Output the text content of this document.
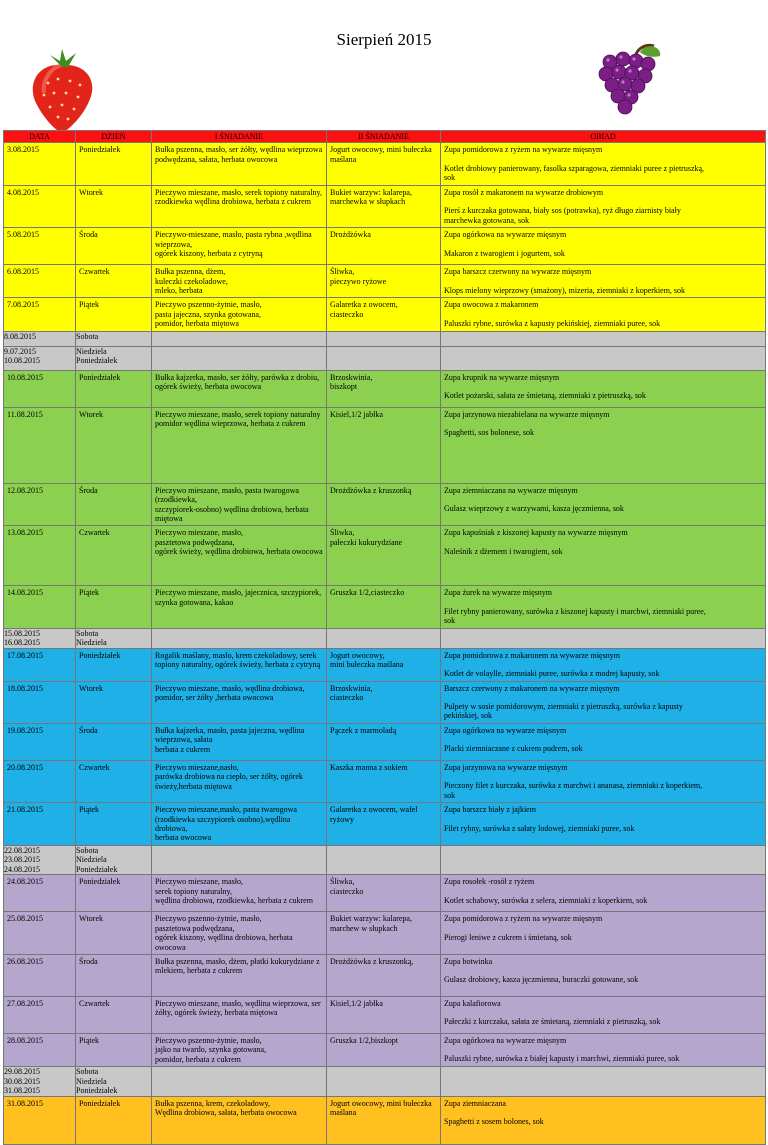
Sierpień 2015
DATA	DZIEŃ	I ŚNIADANIE	II ŚNIADANIE	OBIAD

3.08.2015	Poniedziałek	Bułka pszenna, masło, ser żółty, wędlina wieprzowa
podwędzana, sałata, herbata owocowa	Jogurt owocowy, mini bułeczka
maślana	Zupa pomidorowa z ryżem na wywarze mięsnym
Kotlet drobiowy panierowany, fasolka szparagowa, ziemniaki puree z pietruszką,
sok

4.08.2015	Wtorek	Pieczywo mieszane, masło, serek topiony naturalny,
rzodkiewka wędlina drobiowa, herbata z cukrem	Bukiet warzyw: kalarepa,
marchewka w słupkach	Zupa rosół z makaronem na wywarze drobiowym
Pierś z kurczaka gotowana, biały sos (potrawka), ryż długo ziarnisty biały
marchewka gotowana, sok

5.08.2015	Środa	Pieczywo-mieszane, masło, pasta rybna ,wędlina
wieprzowa,
ogórek kiszony, herbata z cytryną	Drożdżówka	Zupa ogórkowa na wywarze mięsnym
Makaron z twarogiem i jogurtem, sok

6.08.2015	Czwartek	Bułka pszenna, dżem,
kuleczki czekoladowe,
mleko, herbata	Śliwka,
pieczywo ryżowe	Zupa barszcz czerwony na wywarze mięsnym
Klops mielony wieprzowy (smażony), mizeria, ziemniaki z koperkiem, sok

7.08.2015	Piątek	Pieczywo pszenno-żytnie, masło,
pasta jajeczna, szynka gotowana,
pomidor, herbata miętowa	Galaretka z owocem,
ciasteczko	Zupa owocowa z makaronem
Paluszki rybne, surówka z kapusty pekińskiej, ziemniaki puree, sok

8.08.2015	Sobota			

9.07.2015
10.08.2015	Niedziela
Poniedziałek			

10.08.2015	Poniedziałek	Bułka kajzerka, masło, ser żółty, parówka z drobiu,
ogórek świeży, herbata owocowa	Brzoskwinia,
biszkopt	Zupa krupnik na wywarze mięsnym
Kotlet pożarski, sałata ze śmietaną, ziemniaki z pietruszką, sok

11.08.2015	Wtorek	Pieczywo mieszane, masło, serek topiony naturalny
pomidor wędlina wieprzowa, herbata z cukrem	Kisiel,1/2 jabłka	Zupa jarzynowa niezabielana na wywarze mięsnym
Spaghetti, sos bolonese, sok

12.08.2015	Środa	Pieczywo mieszane, masło, pasta twarogowa
(rzodkiewka,
szczypiorek-osobno) wędlina drobiowa, herbata
miętowa	Drożdżówka z kruszonką	Zupa ziemniaczana na wywarze mięsnym
Gulasz wieprzowy z warzywami, kasza jęczmienna, sok

13.08.2015	Czwartek	Pieczywo mieszane, masło,
pasztetowa podwędzana,
ogórek świeży, wędlina drobiowa, herbata owocowa	Śliwka,
pałeczki kukurydziane	Zupa kapuśniak z kiszonej kapusty na wywarze mięsnym
Naleśnik z dżemem i twarogiem, sok

14.08.2015	Piątek	Pieczywo mieszane, masło, jajecznica, szczypiorek,
szynka gotowana, kakao	Gruszka 1/2,ciasteczko	Zupa żurek na wywarze mięsnym
Filet rybny panierowany, surówka z kiszonej kapusty i marchwi, ziemniaki puree,
sok

15.08.2015
16.08.2015	Sobota
Niedziela			

17.08.2015	Poniedziałek	Rogalik maślany, masło, krem czekoladowy, serek
topiony naturalny, ogórek świeży, herbata z cytryną	Jogurt owocowy,
mini bułeczka maślana	Zupa pomidorowa z makaronem na wywarze mięsnym
Kotlet de volaylle, ziemniaki puree, surówka z modrej kapusty, sok

18.08.2015	Wtorek	Pieczywo mieszane, masło, wędlina drobiowa,
pomidor, ser żółty ,herbata owocowa	Brzoskwinia,
ciasteczko	Barszcz czerwony z makaronem na wywarze mięsnym
Pulpety w sosie pomidorowym, ziemniaki z pietruszką, surówka z kapusty
pekińskiej, sok

19.08.2015	Środa	Bułka kajzerka, masło, pasta jajeczna, wędlina
wieprzowa, sałata
herbata z cukrem	Pączek z marmoladą	Zupa ogórkowa na wywarze mięsnym
Placki ziemniaczane z cukrem pudrem, sok

20.08.2015	Czwartek	Pieczywo mieszane,nasło,
parówka drobiowa na ciepło, ser żółty, ogórek
świeży,herbata miętowa	Kaszka manna z sokiem	Zupa jarzynowa na wywarze mięsnym
Pieczony filet z kurczaka, surówka z marchwi i ananasa, ziemniaki z koperkiem,
sok

21.08.2015	Piątek	Pieczywo mieszane,masło, pasta twarogowa
(rzodkiewka szczypiorek osobno),wędlina drobiowa,
herbata owocowa	Galaretka z owocem, wafel
ryżowy	Zupa barszcz biały z jajkiem
Filet rybny, surówka z sałaty lodowej, ziemniaki puree, sok

22.08.2015
23.08.2015
24.08.2015	Sobota
Niedziela
Poniedziałek			

24.08.2015	Poniedziałek	Pieczywo mieszane, masło,
serek topiony naturalny,
wędlina drobiowa, rzodkiewka, herbata z cukrem	Śliwka,
ciasteczko	Zupa rosołek -rosół z ryżem
Kotlet schabowy, surówka z selera, ziemniaki z koperkiem, sok

25.08.2015	Wtorek	Pieczywo pszenno-żytnie, masło,
pasztetowa podwędzana,
ogórek kiszony, wędlina drobiowa, herbata owocowa	Bukiet warzyw: kalarepa,
marchew w słupkach	Zupa pomidorowa z ryżem na wywarze mięsnym
Pierogi leniwe z cukrem i śmietaną, sok

26.08.2015	Środa	Bułka pszenna, masło, dżem, płatki kukurydziane z
mlekiem, herbata z cukrem	Drożdżówka z kruszonką,	Zupa botwinka
Gulasz drobiowy, kasza jęczmienna, buraczki gotowane, sok

27.08.2015	Czwartek	Pieczywo mieszane, masło, wędlina wieprzowa, ser
żółty, ogórek świeży, herbata miętowa	Kisiel,1/2 jabłka	Zupa kalafiorowa
Pałeczki z kurczaka, sałata ze śmietaną, ziemniaki z pietruszką, sok

28.08.2015	Piątek	Pieczywo pszenno-żytnie, masło,
jajko na twardo, szynka gotowana,
pomidor, herbata z cukrem	Gruszka 1/2,biszkopt	Zupa ogórkowa na wywarze mięsnym
Paluszki rybne, surówka z białej kapusty i marchwi, ziemniaki puree, sok

29.08.2015
30.08.2015
31.08.2015	Sobota
Niedziela
Poniedziałek			

31.08.2015	Poniedziałek	Bułka pszenna, krem, czekoladowy,
Wędlina drobiowa, sałata, herbata owocowa	Jogurt owocowy, mini bułeczka
maślana	Zupa ziemniaczana
Spaghetti z sosem bolones, sok
